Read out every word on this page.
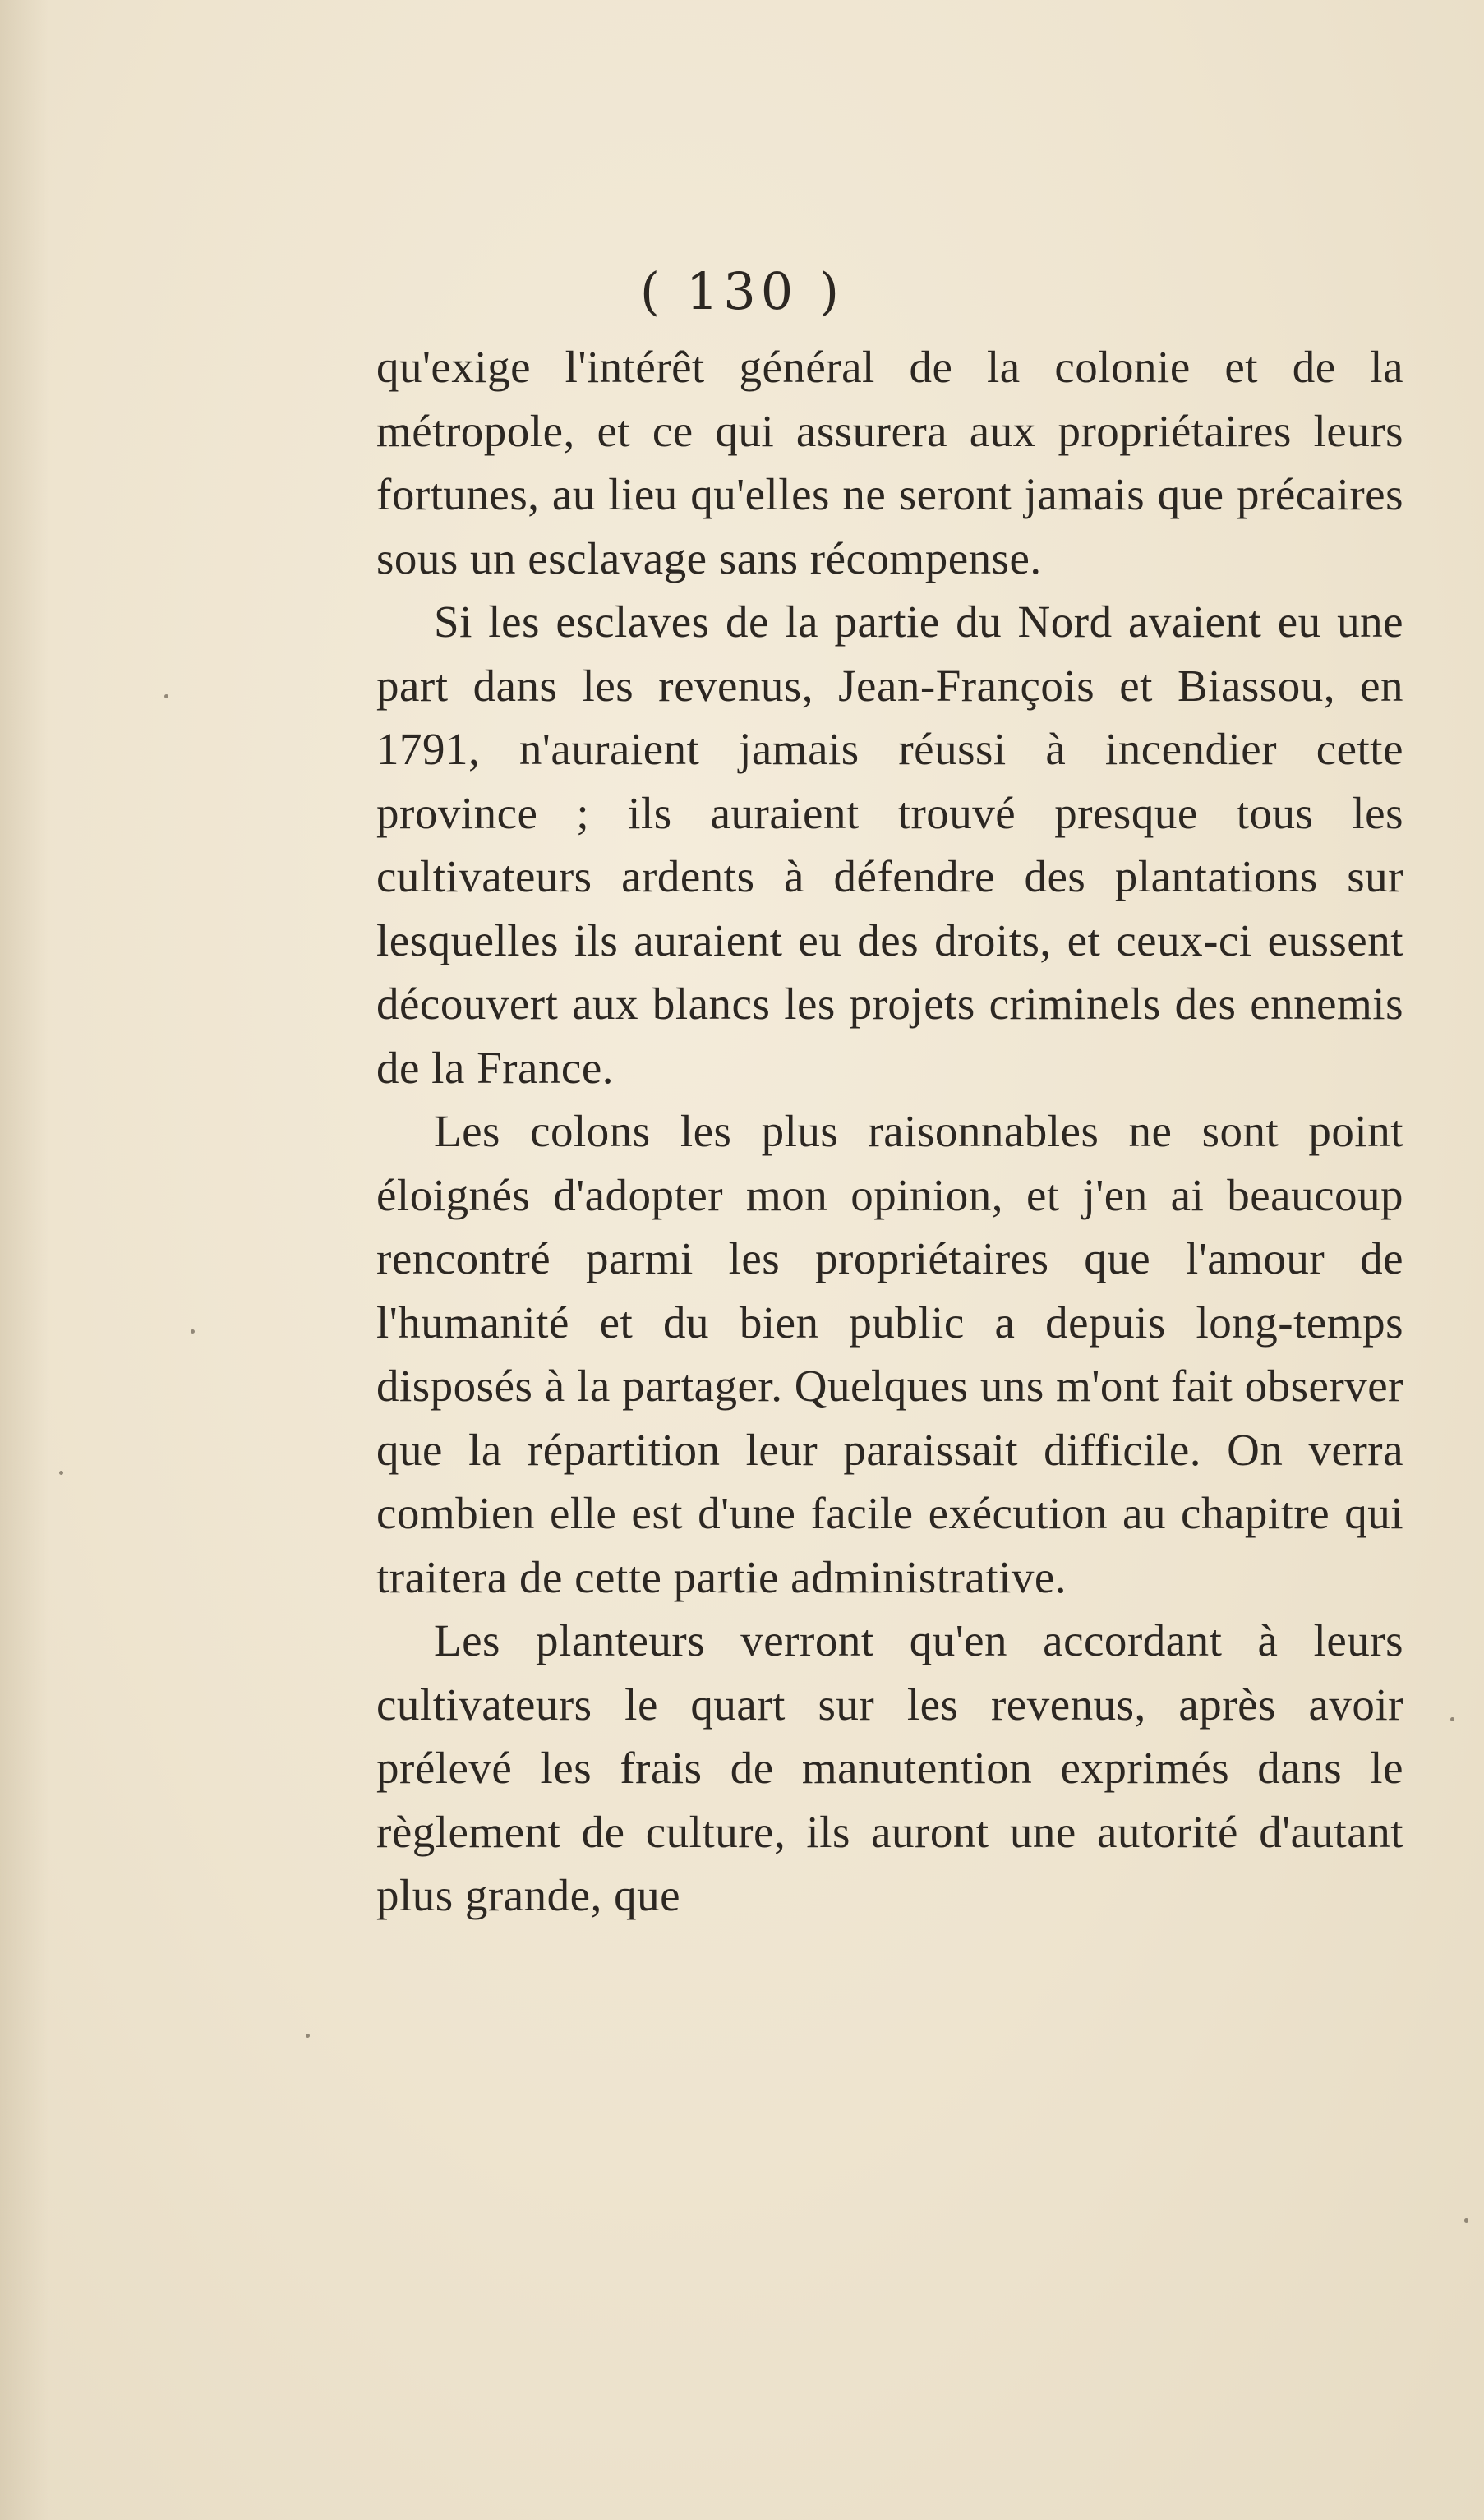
( 130 )

qu'exige l'intérêt général de la colonie et de la métropole, et ce qui assurera aux propriétaires leurs fortunes, au lieu qu'elles ne seront jamais que précaires sous un esclavage sans récompense.

Si les esclaves de la partie du Nord avaient eu une part dans les revenus, Jean-François et Biassou, en 1791, n'auraient jamais réussi à incendier cette province ; ils auraient trouvé presque tous les cultivateurs ardents à défendre des plantations sur lesquelles ils auraient eu des droits, et ceux-ci eussent découvert aux blancs les projets criminels des ennemis de la France.

Les colons les plus raisonnables ne sont point éloignés d'adopter mon opinion, et j'en ai beaucoup rencontré parmi les propriétaires que l'amour de l'humanité et du bien public a depuis long-temps disposés à la partager. Quelques uns m'ont fait observer que la répartition leur paraissait difficile. On verra combien elle est d'une facile exécution au chapitre qui traitera de cette partie administrative.

Les planteurs verront qu'en accordant à leurs cultivateurs le quart sur les revenus, après avoir prélevé les frais de manutention exprimés dans le règlement de culture, ils auront une autorité d'autant plus grande, que
